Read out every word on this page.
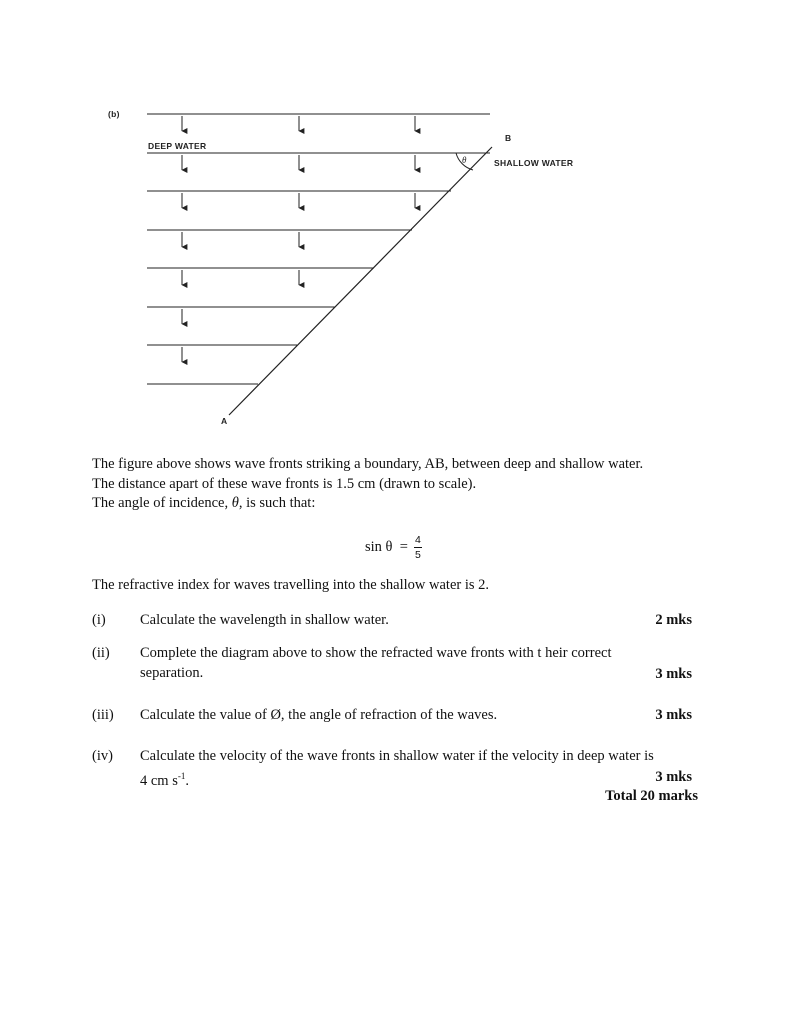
(b)
θ
DEEP WATER
SHALLOW WATER
B
A

The figure above shows wave fronts striking a boundary, AB, between deep and shallow water.

The distance apart of these wave fronts is 1.5 cm (drawn to scale).

The angle of incidence, θ, is such that:

$\sin \theta = \frac{4}{5}$

The refractive index for waves travelling into the shallow water is 2.

(i) Calculate the wavelength in shallow water.	2 mks
(ii) Complete the diagram above to show the refracted wave fronts with t heir correct
separation.	3 mks
(iii) Calculate the value of Ø, the angle of refraction of the waves.	3 mks
(iv) Calculate the velocity of the wave fronts in shallow water if the velocity in deep water is
4 cm $s^{-1}$.	3 mks
Total 20 marks
